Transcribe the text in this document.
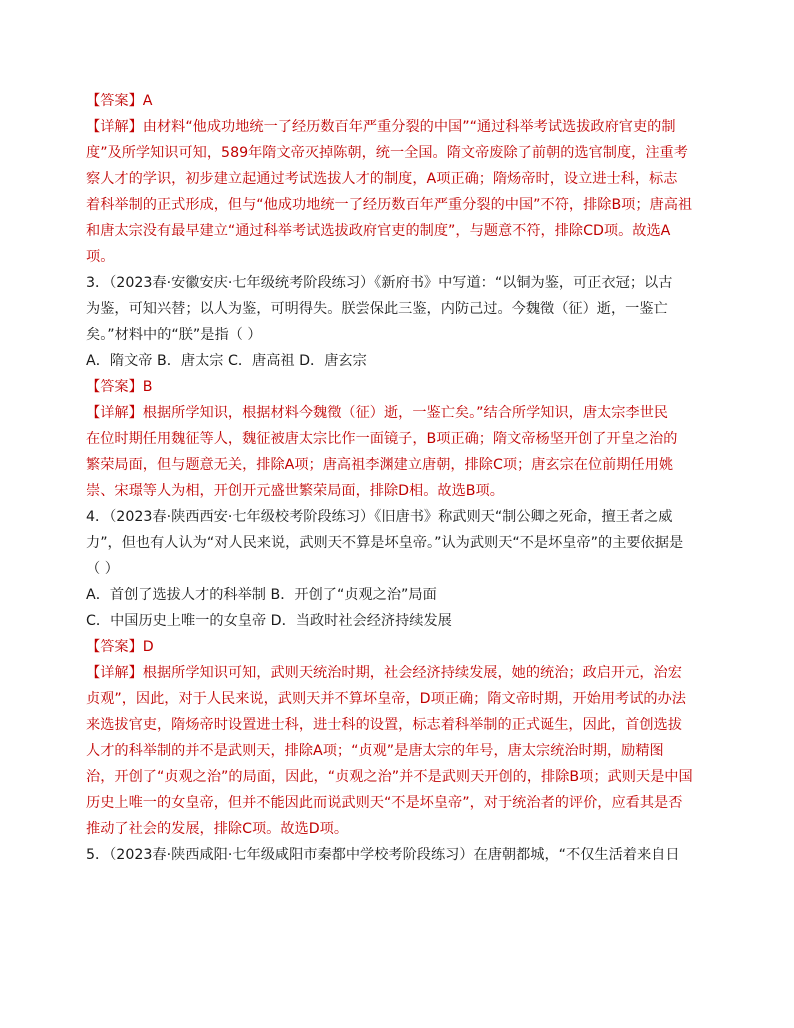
【答案】A
【详解】由材料“他成功地统一了经历数百年严重分裂的中国”“通过科举考试选拔政府官吏的制
度”及所学知识可知，589年隋文帝灭掉陈朝，统一全国。隋文帝废除了前朝的选官制度，注重考
察人才的学识，初步建立起通过考试选拔人才的制度，A项正确；隋炀帝时，设立进士科，标志
着科举制的正式形成，但与“他成功地统一了经历数百年严重分裂的中国”不符，排除B项；唐高祖
和唐太宗没有最早建立“通过科举考试选拔政府官吏的制度”，与题意不符，排除CD项。故选A
项。
3．（2023春·安徽安庆·七年级统考阶段练习）《新府书》中写道：“以铜为鉴，可正衣冠；以古
为鉴，可知兴替；以人为鉴，可明得失。朕尝保此三鉴，内防己过。今魏徵（征）逝，一鉴亡
矣。”材料中的“朕”是指（ ）
A．隋文帝 B．唐太宗 C．唐高祖 D．唐玄宗
【答案】B
【详解】根据所学知识，根据材料今魏徵（征）逝，一鉴亡矣。”结合所学知识，唐太宗李世民
在位时期任用魏征等人，魏征被唐太宗比作一面镜子，B项正确；隋文帝杨坚开创了开皇之治的
繁荣局面，但与题意无关，排除A项；唐高祖李渊建立唐朝，排除C项；唐玄宗在位前期任用姚
崇、宋璟等人为相，开创开元盛世繁荣局面，排除D相。故选B项。
4．（2023春·陕西西安·七年级校考阶段练习）《旧唐书》称武则天“制公卿之死命，擅王者之威
力”，但也有人认为“对人民来说，武则天不算是坏皇帝。”认为武则天“不是坏皇帝”的主要依据是
（ ）
A．首创了选拔人才的科举制 B．开创了“贞观之治”局面
C．中国历史上唯一的女皇帝 D．当政时社会经济持续发展
【答案】D
【详解】根据所学知识可知，武则天统治时期，社会经济持续发展，她的统治；政启开元，治宏
贞观”，因此，对于人民来说，武则天并不算坏皇帝，D项正确；隋文帝时期，开始用考试的办法
来选拔官吏，隋炀帝时设置进士科，进士科的设置，标志着科举制的正式诞生，因此，首创选拔
人才的科举制的并不是武则天，排除A项；“贞观”是唐太宗的年号，唐太宗统治时期，励精图
治，开创了“贞观之治”的局面，因此，“贞观之治”并不是武则天开创的，排除B项；武则天是中国
历史上唯一的女皇帝，但并不能因此而说武则天“不是坏皇帝”，对于统治者的评价，应看其是否
推动了社会的发展，排除C项。故选D项。
5．（2023春·陕西咸阳·七年级咸阳市秦都中学校考阶段练习）在唐朝都城，“不仅生活着来自日
